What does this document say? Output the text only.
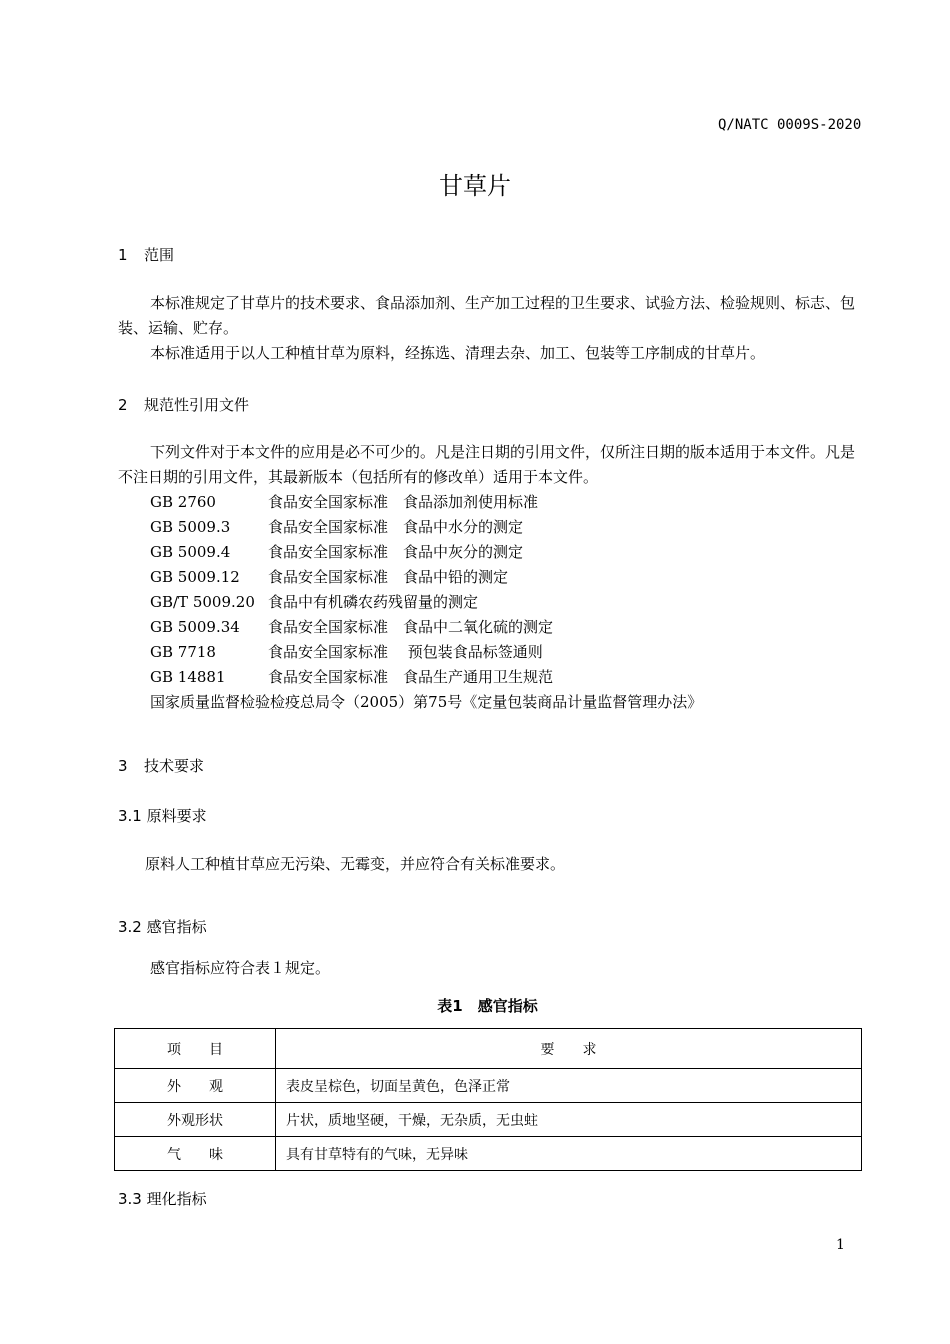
Q/NATC 0009S-2020
甘草片
1 范围
本标准规定了甘草片的技术要求、食品添加剂、生产加工过程的卫生要求、试验方法、检验规则、标志、包装、运输、贮存。
本标准适用于以人工种植甘草为原料，经拣选、清理去杂、加工、包装等工序制成的甘草片。
2 规范性引用文件
下列文件对于本文件的应用是必不可少的。凡是注日期的引用文件，仅所注日期的版本适用于本文件。凡是不注日期的引用文件，其最新版本（包括所有的修改单）适用于本文件。
GB 2760	食品安全国家标准　食品添加剂使用标准
GB 5009.3	食品安全国家标准　食品中水分的测定
GB 5009.4	食品安全国家标准　食品中灰分的测定
GB 5009.12 食品安全国家标准　食品中铅的测定
GB/T 5009.20 食品中有机磷农药残留量的测定
GB 5009.34 食品安全国家标准　食品中二氧化硫的测定
GB 7718	食品安全国家标准　 预包装食品标签通则
GB 14881	食品安全国家标准　食品生产通用卫生规范
国家质量监督检验检疫总局令（2005）第75号《定量包装商品计量监督管理办法》
3 技术要求
3.1 原料要求
原料人工种植甘草应无污染、无霉变，并应符合有关标准要求。
3.2 感官指标
感官指标应符合表１规定。
表1　感官指标
项　　目	要　　求
外　　观	表皮呈棕色，切面呈黄色，色泽正常
外观形状	片状，质地坚硬，干燥，无杂质，无虫蛀
气　　味	具有甘草特有的气味，无异味
3.3 理化指标
1
